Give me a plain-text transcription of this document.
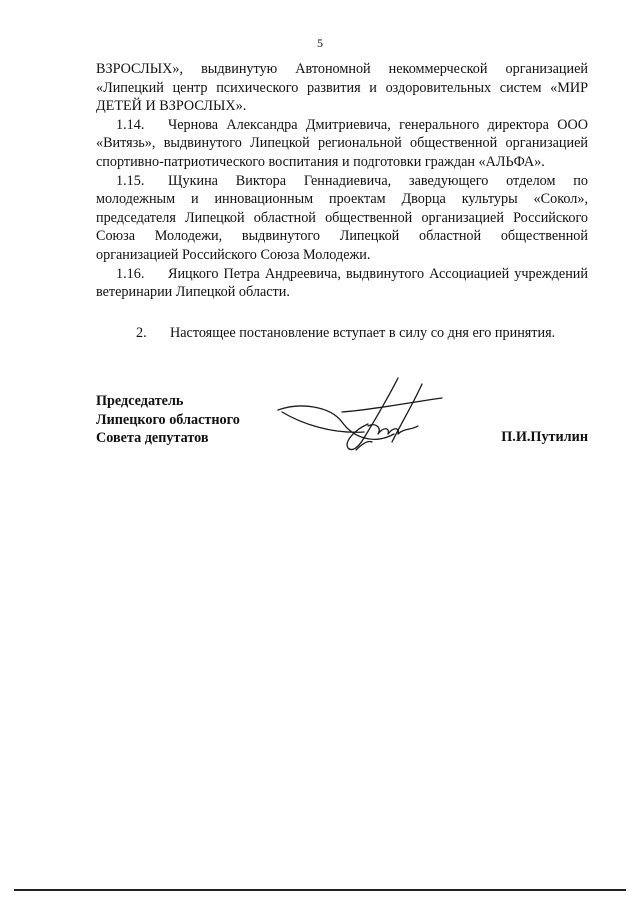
5

ВЗРОСЛЫХ», выдвинутую Автономной некоммерческой организацией «Липецкий центр психического развития и оздоровительных систем «МИР ДЕТЕЙ И ВЗРОСЛЫХ».

1.14. Чернова Александра Дмитриевича, генерального директора ООО «Витязь», выдвинутого Липецкой региональной общественной организацией спортивно-патриотического воспитания и подготовки граждан «АЛЬФА».

1.15. Щукина Виктора Геннадиевича, заведующего отделом по молодежным и инновационным проектам Дворца культуры «Сокол», председателя Липецкой областной общественной организацией Российского Союза Молодежи, выдвинутого Липецкой областной общественной организацией Российского Союза Молодежи.

1.16. Яицкого Петра Андреевича, выдвинутого Ассоциацией учреждений ветеринарии Липецкой области.

2. Настоящее постановление вступает в силу со дня его принятия.

Председатель
Липецкого областного
Совета депутатов	П.И.Путилин
